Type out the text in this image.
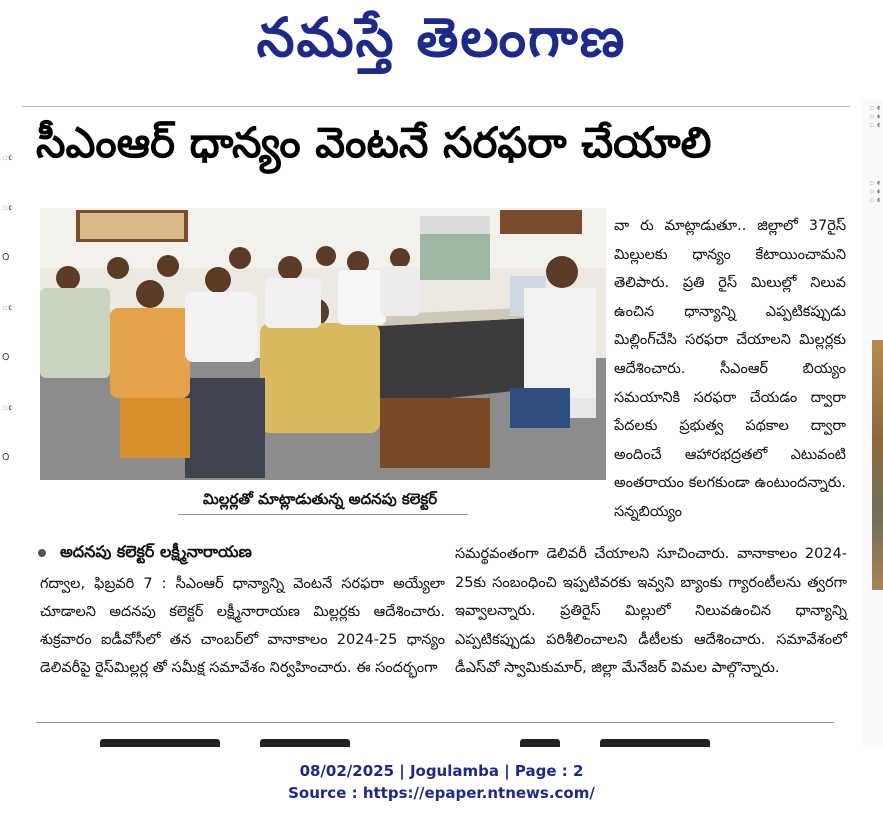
నమస్తే తెలంగాణ
ఁ
ఁ
౦
ఁ
౦
ఁ
౦
ఀ ఀ ఀ
ఀ ఀ ఀ
సీఎంఆర్ ధాన్యం వెంటనే సరఫరా చేయాలి
మిల్లర్లతో మాట్లాడుతున్న అదనపు కలెక్టర్
వా రు మాట్లాడుతూ.. జిల్లాలో 37రైస్ మిల్లులకు ధాన్యం కేటాయించామని తెలిపారు. ప్రతి రైస్ మిలుల్లో నిలువ ఉంచిన ధాన్యాన్ని ఎప్పటికప్పుడు మిల్లింగ్‌చేసి సరఫరా చేయాలని మిల్లర్లకు ఆదేశించారు. సీఎంఆర్ బియ్యం సమయానికి సరఫరా చేయడం ద్వారా పేదలకు ప్రభుత్వ పథకాల ద్వారా అందించే ఆహారభద్రతలో ఎటువంటి అంతరాయం కలగకుండా ఉంటుందన్నారు. సన్నబియ్యం
అదనపు కలెక్టర్ లక్ష్మీనారాయణ
గద్వాల, ఫిబ్రవరి 7 : సీఎంఆర్ ధాన్యాన్ని వెంటనే సరఫరా అయ్యేలా చూడాలని అదనపు కలెక్టర్ లక్ష్మీనారాయణ మిల్లర్లకు ఆదేశించారు. శుక్రవారం ఐడీవోసీలో తన చాంబర్‌లో వానాకాలం 2024-25 ధాన్యం డెలివరీపై రైస్‌మిల్లర్ల తో సమీక్ష సమావేశం నిర్వహించారు. ఈ సందర్భంగా
సమర్థవంతంగా డెలివరీ చేయాలని సూచించారు. వానాకాలం 2024-25కు సంబంధించి ఇప్పటివరకు ఇవ్వని బ్యాంకు గ్యారంటీలను త్వరగా ఇవ్వాలన్నారు. ప్రతిరైస్ మిల్లులో నిలువఉంచిన ధాన్యాన్ని ఎప్పటికప్పుడు పరిశీలించాలని డీటీలకు ఆదేశించారు. సమావేశంలో డీఎస్‌వో స్వామికుమార్, జిల్లా మేనేజర్ విమల పాల్గొన్నారు.
08/02/2025 | Jogulamba | Page : 2
Source : https://epaper.ntnews.com/
